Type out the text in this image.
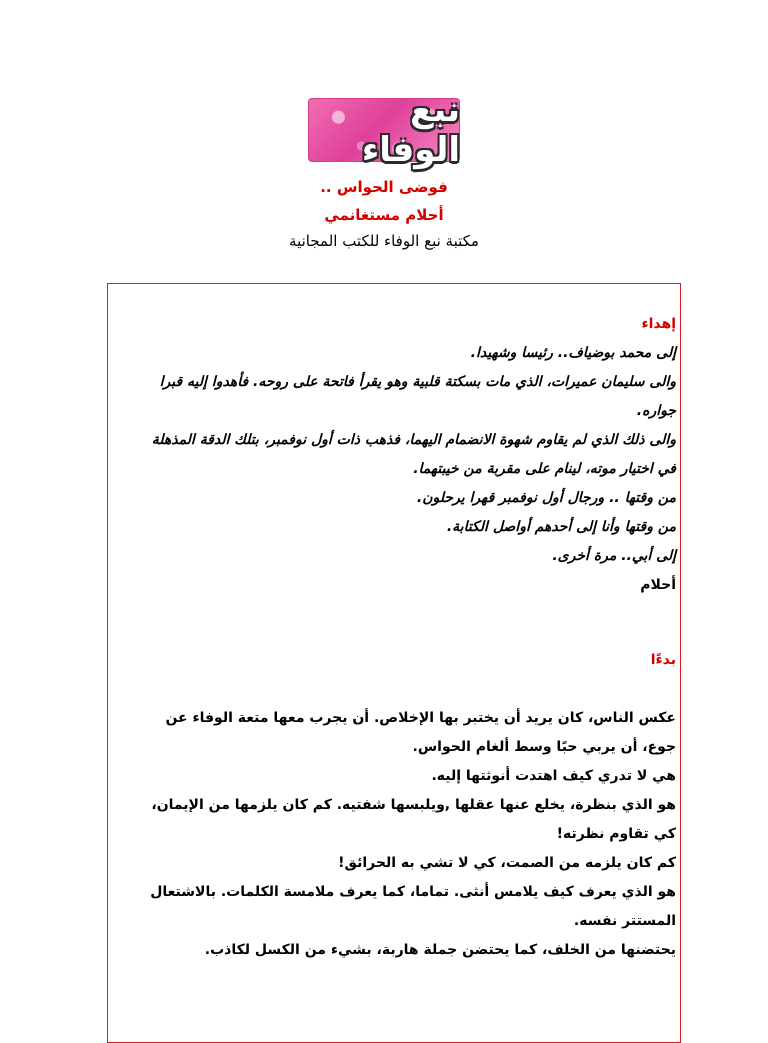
نبع الوفاء
فوضى الحواس ..
أحلام مستغانمي
مكتبة نبع الوفاء للكتب المجانية

إهداء

إلى محمد بوضياف.. رئيسا وشهيدا.

والى سليمان عميرات، الذي مات بسكتة قلبية وهو يقرأ فاتحة على روحه. فأهدوا إليه قبرا جواره.

والى ذلك الذي لم يقاوم شهوة الانضمام اليهما، فذهب ذات أول نوفمبر، بتلك الدقة المذهلة في اختيار موته، لينام على مقربة من خيبتهما.

من وقتها .. ورجال أول نوفمبر قهرا يرحلون.

من وقتها وأنا إلى أحدهم أواصل الكتابة.

إلى أبي.. مرة أخرى.

أحلام

بدءًا

عكس الناس، كان يريد أن يختبر بها الإخلاص. أن يجرب معها متعة الوفاء عن جوع، أن يربي حبًا وسط ألغام الحواس.

هي لا تدري كيف اهتدت أنوثتها إليه.

هو الذي بنظرة، يخلع عنها عقلها ,ويلبسها شفتيه. كم كان يلزمها من الإيمان، كي تقاوم نظرته!

كم كان يلزمه من الصمت، كي لا تشي به الحرائق!

هو الذي يعرف كيف يلامس أنثى. تماما، كما يعرف ملامسة الكلمات. بالاشتعال المستتر نفسه.

يحتضنها من الخلف، كما يحتضن جملة هاربة، بشيء من الكسل لكاذب.
